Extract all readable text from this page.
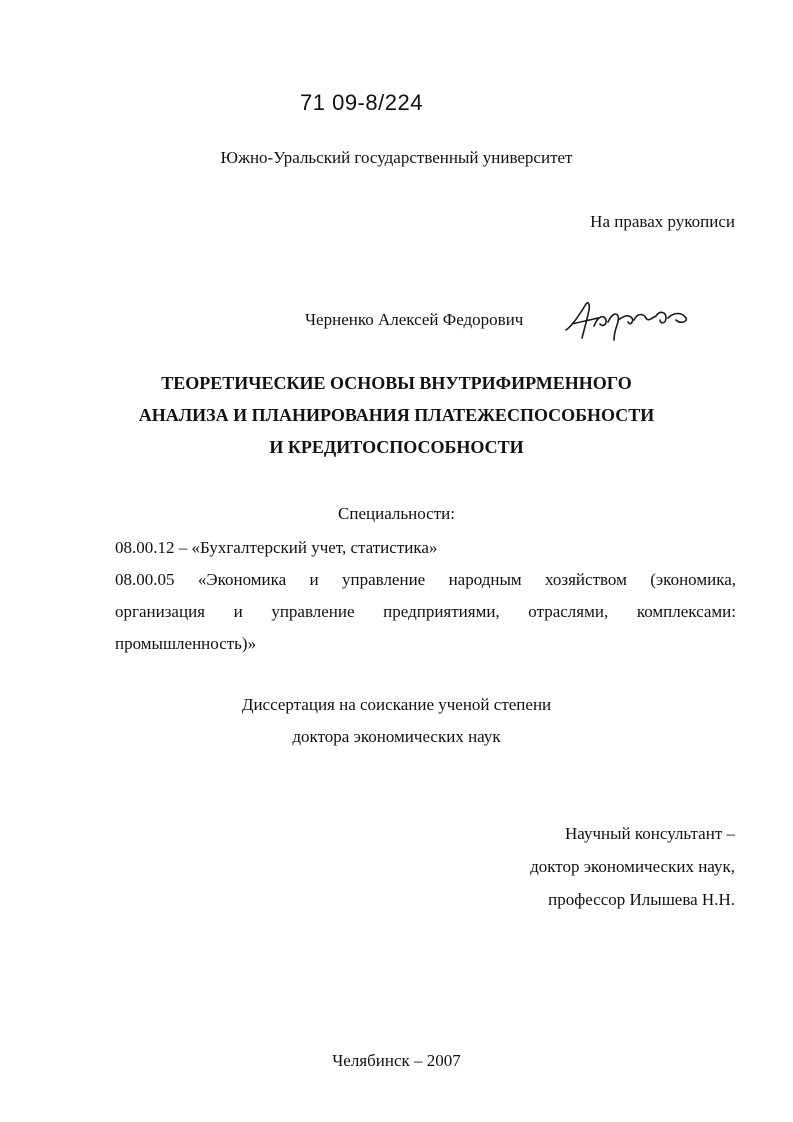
71 09-8/224
Южно-Уральский государственный университет
На правах рукописи
Черненко Алексей Федорович
ТЕОРЕТИЧЕСКИЕ ОСНОВЫ ВНУТРИФИРМЕННОГО
АНАЛИЗА И ПЛАНИРОВАНИЯ ПЛАТЕЖЕСПОСОБНОСТИ
И КРЕДИТОСПОСОБНОСТИ
Специальности:
08.00.12 – «Бухгалтерский учет, статистика»
08.00.05 «Экономика и управление народным хозяйством (экономика,
организация и управление предприятиями, отраслями, комплексами:
промышленность)»
Диссертация на соискание ученой степени
доктора экономических наук
Научный консультант –
доктор экономических наук,
профессор Илышева Н.Н.
Челябинск – 2007
